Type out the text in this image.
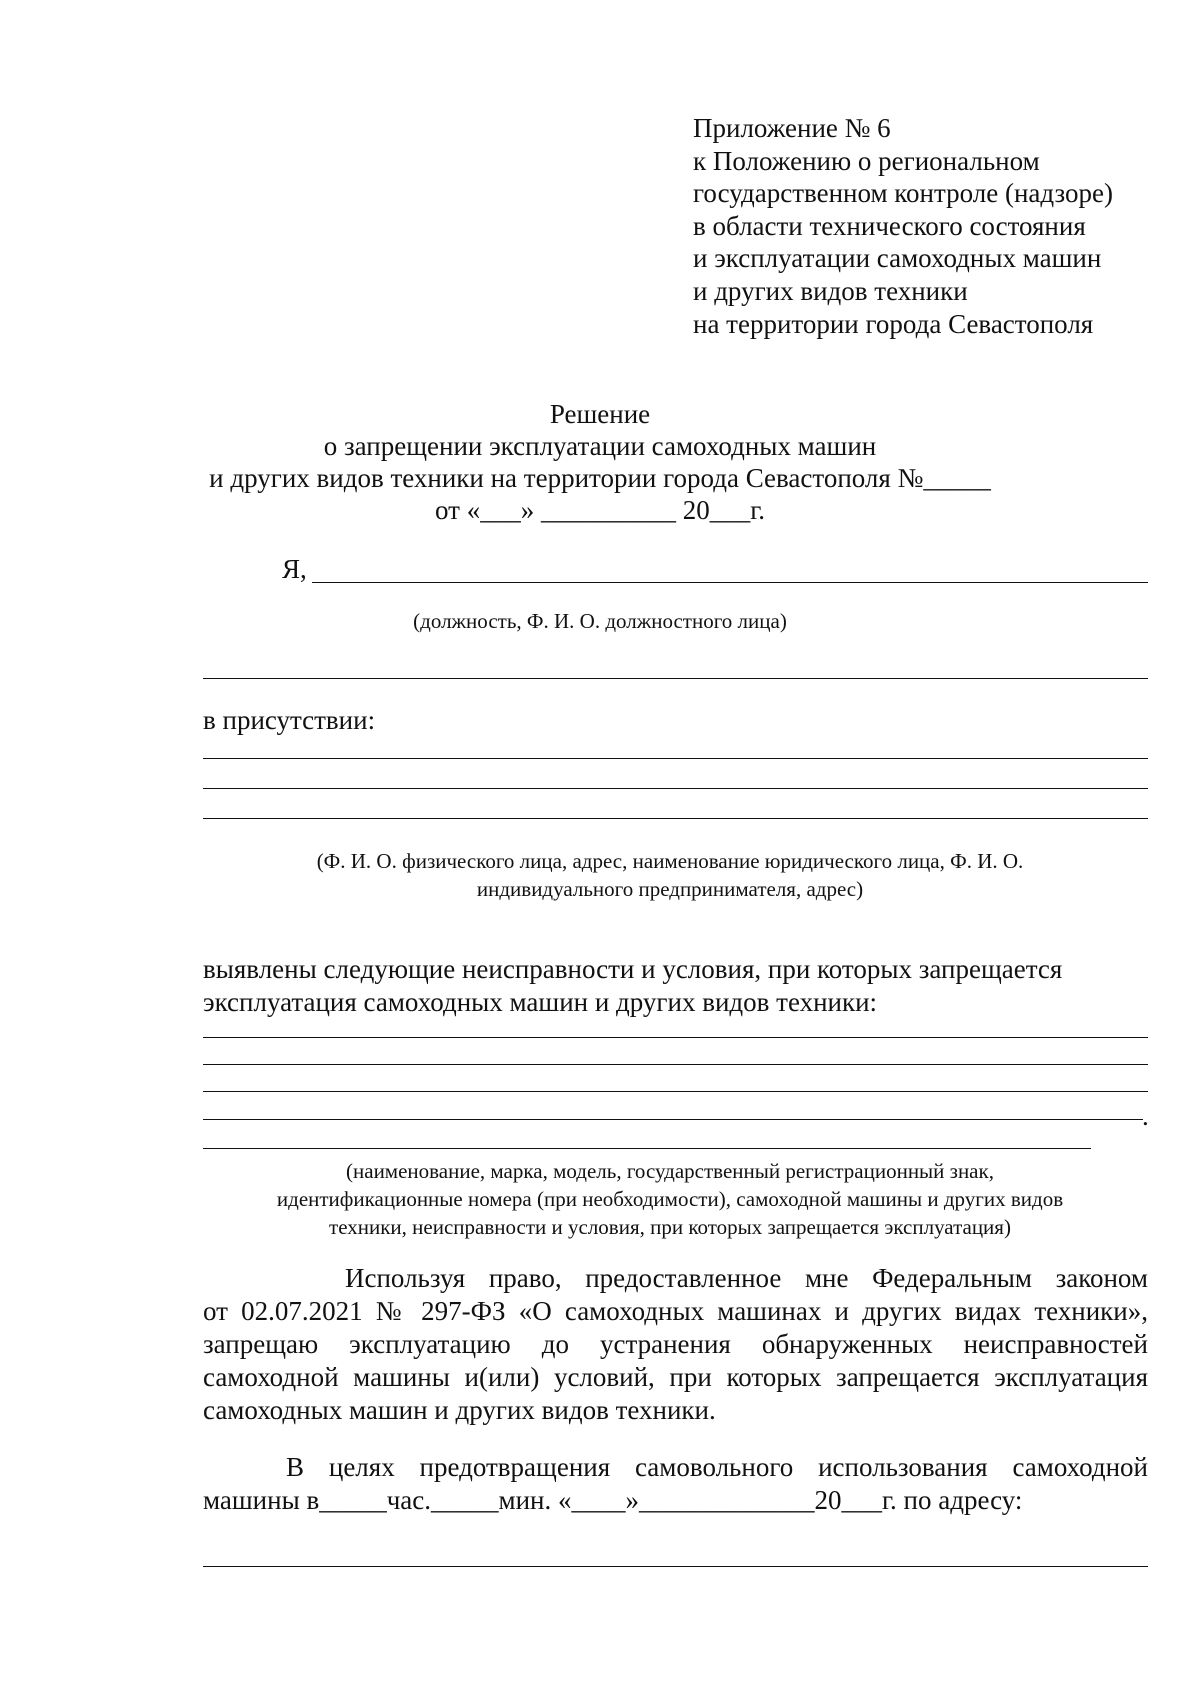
Приложение № 6
к Положению о региональном
государственном контроле (надзоре)
в области технического состояния
и эксплуатации самоходных машин
и других видов техники
на территории города Севастополя
Решение
о запрещении эксплуатации самоходных машин
и других видов техники на территории города Севастополя №_____
от «___» __________ 20___г.
Я,
(должность, Ф. И. О. должностного лица)
в присутствии:
(Ф. И. О. физического лица, адрес, наименование юридического лица, Ф. И. О.
индивидуального предпринимателя, адрес)
выявлены следующие неисправности и условия, при которых запрещается
эксплуатация самоходных машин и других видов техники:
.
(наименование, марка, модель, государственный регистрационный знак,
идентификационные номера (при необходимости), самоходной машины и других видов
техники, неисправности и условия, при которых запрещается эксплуатация)
Используя право, предоставленное мне Федеральным законом
от 02.07.2021 № 297-ФЗ «О самоходных машинах и других видах техники»,
запрещаю эксплуатацию до устранения обнаруженных неисправностей
самоходной машины и(или) условий, при которых запрещается эксплуатация
самоходных машин и других видов техники.
В целях предотвращения самовольного использования самоходной
машины в_____час._____мин. «____»_____________20___г. по адресу:
